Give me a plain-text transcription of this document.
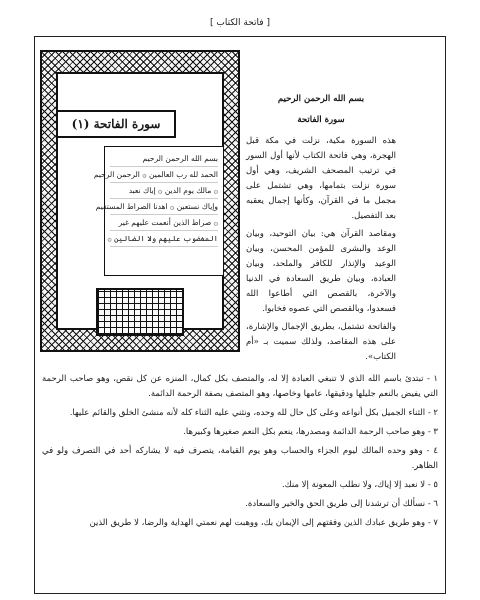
[ فاتحة الكتاب ]
(١) سورة الفاتحة
بسم الله الرحمن الرحيم
الحمد لله رب العالمين ۞ الرحمن الرحيم
۞ مالك يوم الدين ۞ إياك نعبد
وإياك نستعين ۞ اهدنا الصراط المستقيم
۞ صراط الذين أنعمت عليهم غير
المغضوب عليهم ولا الضالين ۞

بسم الله الرحمن الرحيم

سورة الفاتحة

هذه السورة مكية، نزلت في مكة قبل الهجرة، وهي فاتحة الكتاب لأنها أول السور في ترتيب المصحف الشريف، وهي أول سورة نزلت بتمامها، وهي تشتمل على مجمل ما في القرآن، وكأنها إجمال يعقبه بعد التفصيل.

ومقاصد القرآن هي: بيان التوحيد، وبيان الوعد والبشرى للمؤمن المحسن، وبيان الوعيد والإنذار للكافر والملحد، وبيان العبادة، وبيان طريق السعادة في الدنيا والآخرة، بالقصص التي أطاعوا الله فسعدوا، وبالقصص التي عصوه فخابوا.

والفاتحة تشتمل، بطريق الإجمال والإشارة، على هذه المقاصد، ولذلك سميت بـ «أم الكتاب».

١ - تبتدئ باسم الله الذي لا تنبغي العبادة إلا له، والمتصف بكل كمال، المنزه عن كل نقص، وهو صاحب الرحمة التي يفيض بالنعم جليلها ودقيقها، عامها وخاصها، وهو المتصف بصفة الرحمة الدائمة.

٢ - الثناء الجميل بكل أنواعه وعلى كل حال لله وحده، ونثني عليه الثناء كله لأنه منشئ الخلق والقائم عليها.

٣ - وهو صاحب الرحمة الدائمة ومصدرها، ينعم بكل النعم صغيرها وكبيرها.

٤ - وهو وحده المالك ليوم الجزاء والحساب وهو يوم القيامة، يتصرف فيه لا يشاركه أحد في التصرف ولو في الظاهر.

٥ - لا نعبد إلا إياك، ولا نطلب المعونة إلا منك.

٦ - نسألك أن ترشدنا إلى طريق الحق والخير والسعادة.

٧ - وهو طريق عبادك الذين وفقتهم إلى الإيمان بك، ووهبت لهم نعمتي الهداية والرضا، لا طريق الذين
